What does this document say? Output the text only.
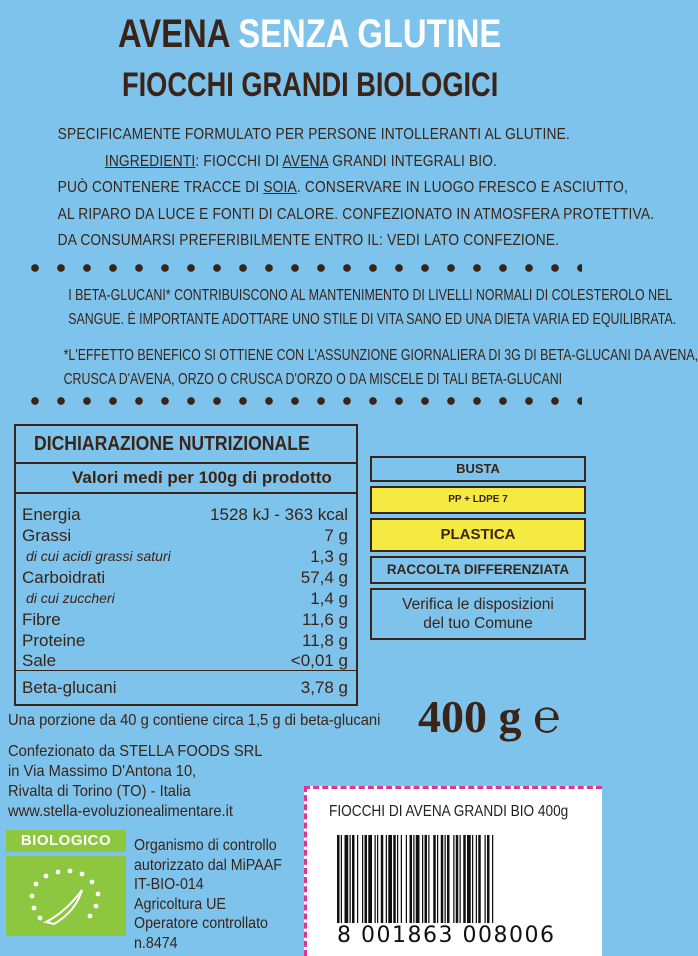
AVENA SENZA GLUTINE
FIOCCHI GRANDI BIOLOGICI
SPECIFICAMENTE FORMULATO PER PERSONE INTOLLERANTI AL GLUTINE.
INGREDIENTI: FIOCCHI DI AVENA GRANDI INTEGRALI BIO.
PUÒ CONTENERE TRACCE DI SOIA. CONSERVARE IN LUOGO FRESCO E ASCIUTTO,
AL RIPARO DA LUCE E FONTI DI CALORE. CONFEZIONATO IN ATMOSFERA PROTETTIVA.
DA CONSUMARSI PREFERIBILMENTE ENTRO IL: VEDI LATO CONFEZIONE.
I BETA-GLUCANI* CONTRIBUISCONO AL MANTENIMENTO DI LIVELLI NORMALI DI COLESTEROLO NEL
SANGUE. È IMPORTANTE ADOTTARE UNO STILE DI VITA SANO ED UNA DIETA VARIA ED EQUILIBRATA.
*L'EFFETTO BENEFICO SI OTTIENE CON L'ASSUNZIONE GIORNALIERA DI 3G DI BETA-GLUCANI DA AVENA,
CRUSCA D'AVENA, ORZO O CRUSCA D'ORZO O DA MISCELE DI TALI BETA-GLUCANI
DICHIARAZIONE NUTRIZIONALE
Valori medi per 100g di prodotto
Energia	1528 kJ - 363 kcal
Grassi	7 g
di cui acidi grassi saturi	1,3 g
Carboidrati	57,4 g
di cui zuccheri	1,4 g
Fibre	11,6 g
Proteine	11,8 g
Sale	<0,01 g
Beta-glucani	3,78 g
BUSTA
PP + LDPE 7
PLASTICA
RACCOLTA DIFFERENZIATA
Verifica le disposizioni
del tuo Comune
400 g ℮
Una porzione da 40 g contiene circa 1,5 g di beta-glucani
Confezionato da STELLA FOODS SRL
in Via Massimo D'Antona 10,
Rivalta di Torino (TO) - Italia
www.stella-evoluzionealimentare.it
BIOLOGICO	Organismo di controllo
autorizzato dal MiPAAF
IT-BIO-014
Agricoltura UE
Operatore controllato
n.8474
FIOCCHI DI AVENA GRANDI BIO 400g
8 001863 008006
